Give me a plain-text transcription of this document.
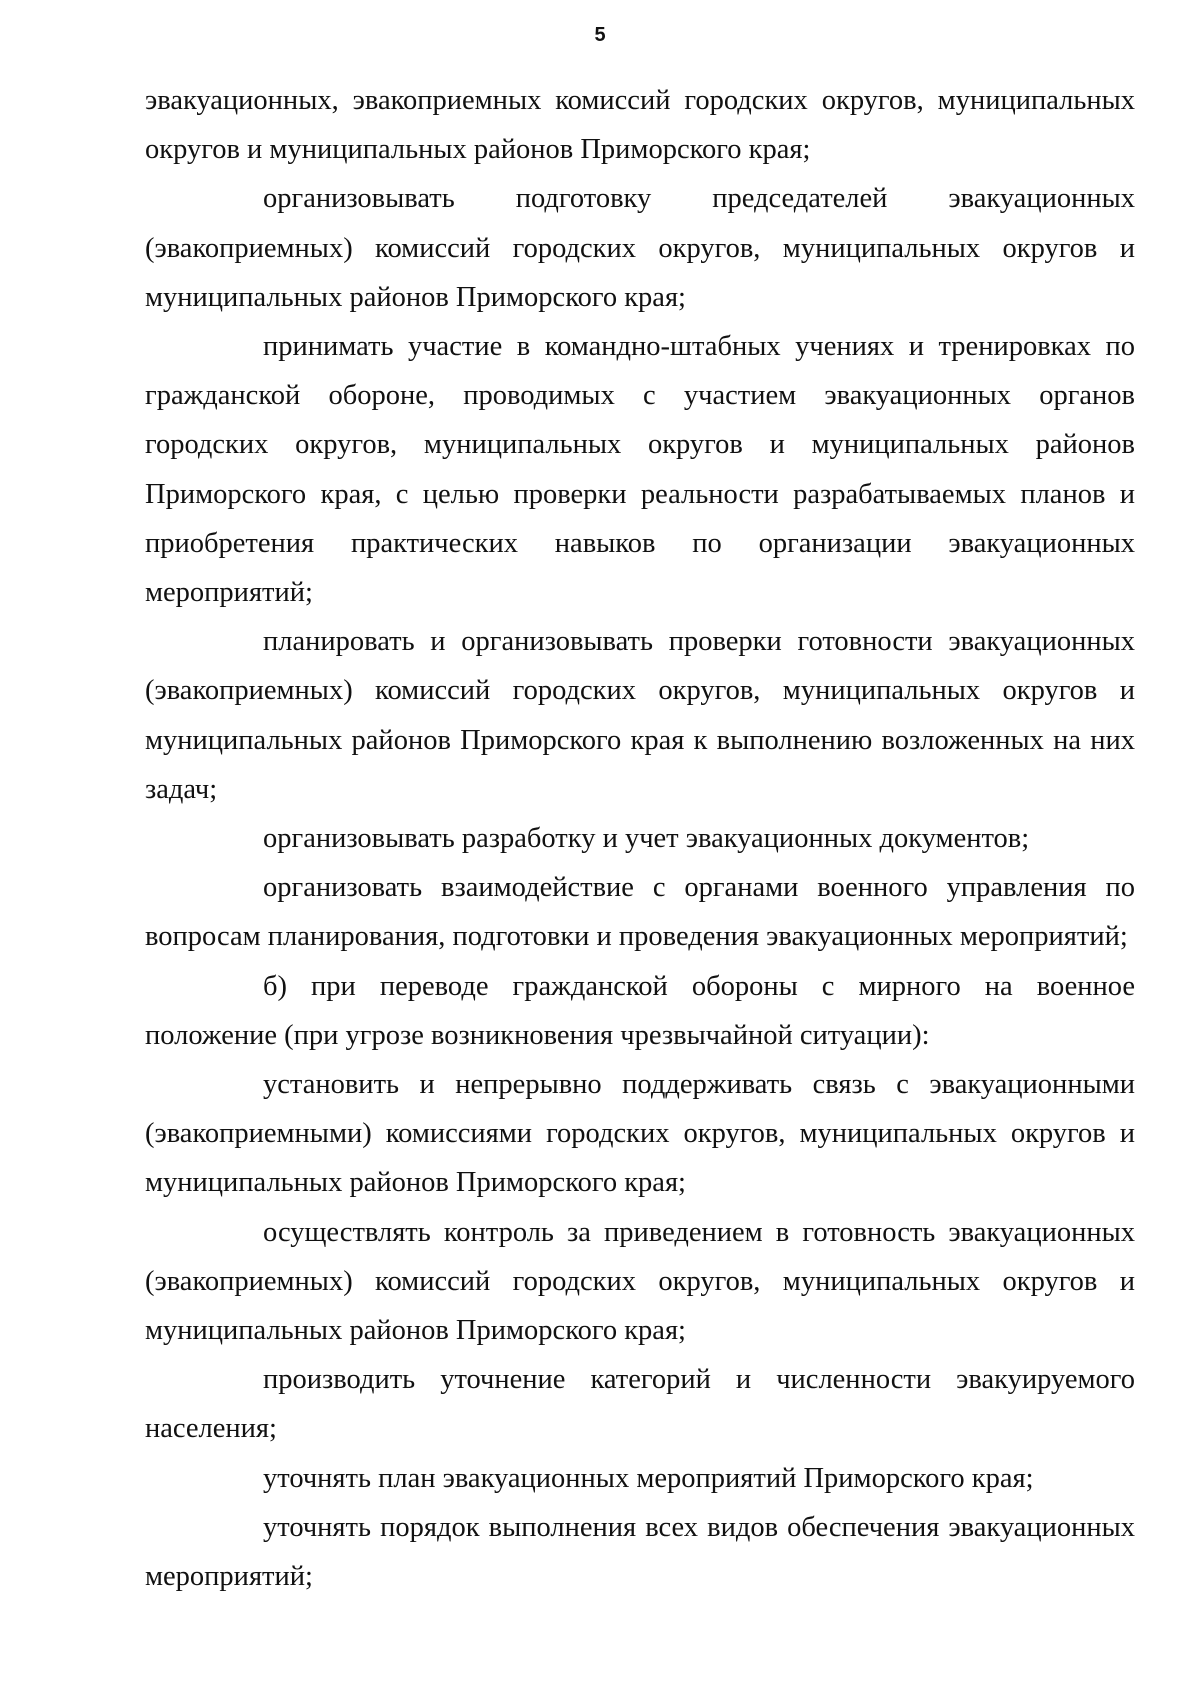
5

эвакуационных, эвакоприемных комиссий городских округов, муниципальных округов и муниципальных районов Приморского края;

организовывать подготовку председателей эвакуационных (эвакоприемных) комиссий городских округов, муниципальных округов и муниципальных районов Приморского края;

принимать участие в командно-штабных учениях и тренировках по гражданской обороне, проводимых с участием эвакуационных органов городских округов, муниципальных округов и муниципальных районов Приморского края, с целью проверки реальности разрабатываемых планов и приобретения практических навыков по организации эвакуационных мероприятий;

планировать и организовывать проверки готовности эвакуационных (эвакоприемных) комиссий городских округов, муниципальных округов и муниципальных районов Приморского края к выполнению возложенных на них задач;

организовывать разработку и учет эвакуационных документов;

организовать взаимодействие с органами военного управления по вопросам планирования, подготовки и проведения эвакуационных мероприятий;

б) при переводе гражданской обороны с мирного на военное положение (при угрозе возникновения чрезвычайной ситуации):

установить и непрерывно поддерживать связь с эвакуационными (эвакоприемными) комиссиями городских округов, муниципальных округов и муниципальных районов Приморского края;

осуществлять контроль за приведением в готовность эвакуационных (эвакоприемных) комиссий городских округов, муниципальных округов и муниципальных районов Приморского края;

производить уточнение категорий и численности эвакуируемого населения;

уточнять план эвакуационных мероприятий Приморского края;

уточнять порядок выполнения всех видов обеспечения эвакуационных мероприятий;
